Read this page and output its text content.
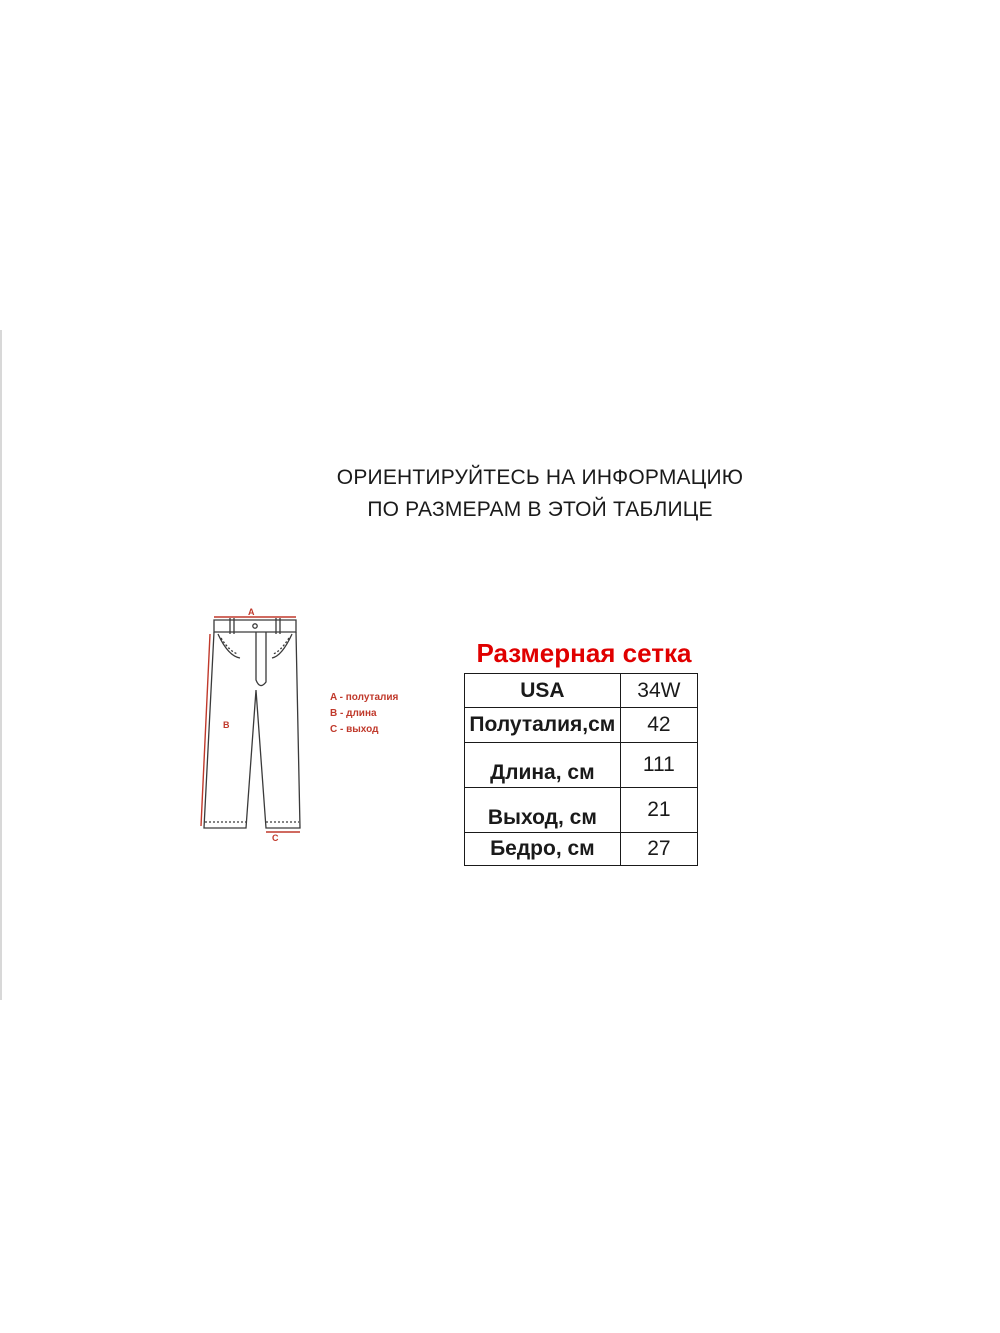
ОРИЕНТИРУЙТЕСЬ НА ИНФОРМАЦИЮ
ПО РАЗМЕРАМ В ЭТОЙ ТАБЛИЦЕ
A
B
C
A - полуталия
B - длина
C - выход
Размерная сетка
USA	34W
Полуталия,см	42
Длина, см	111
Выход, см	21
Бедро, см	27
